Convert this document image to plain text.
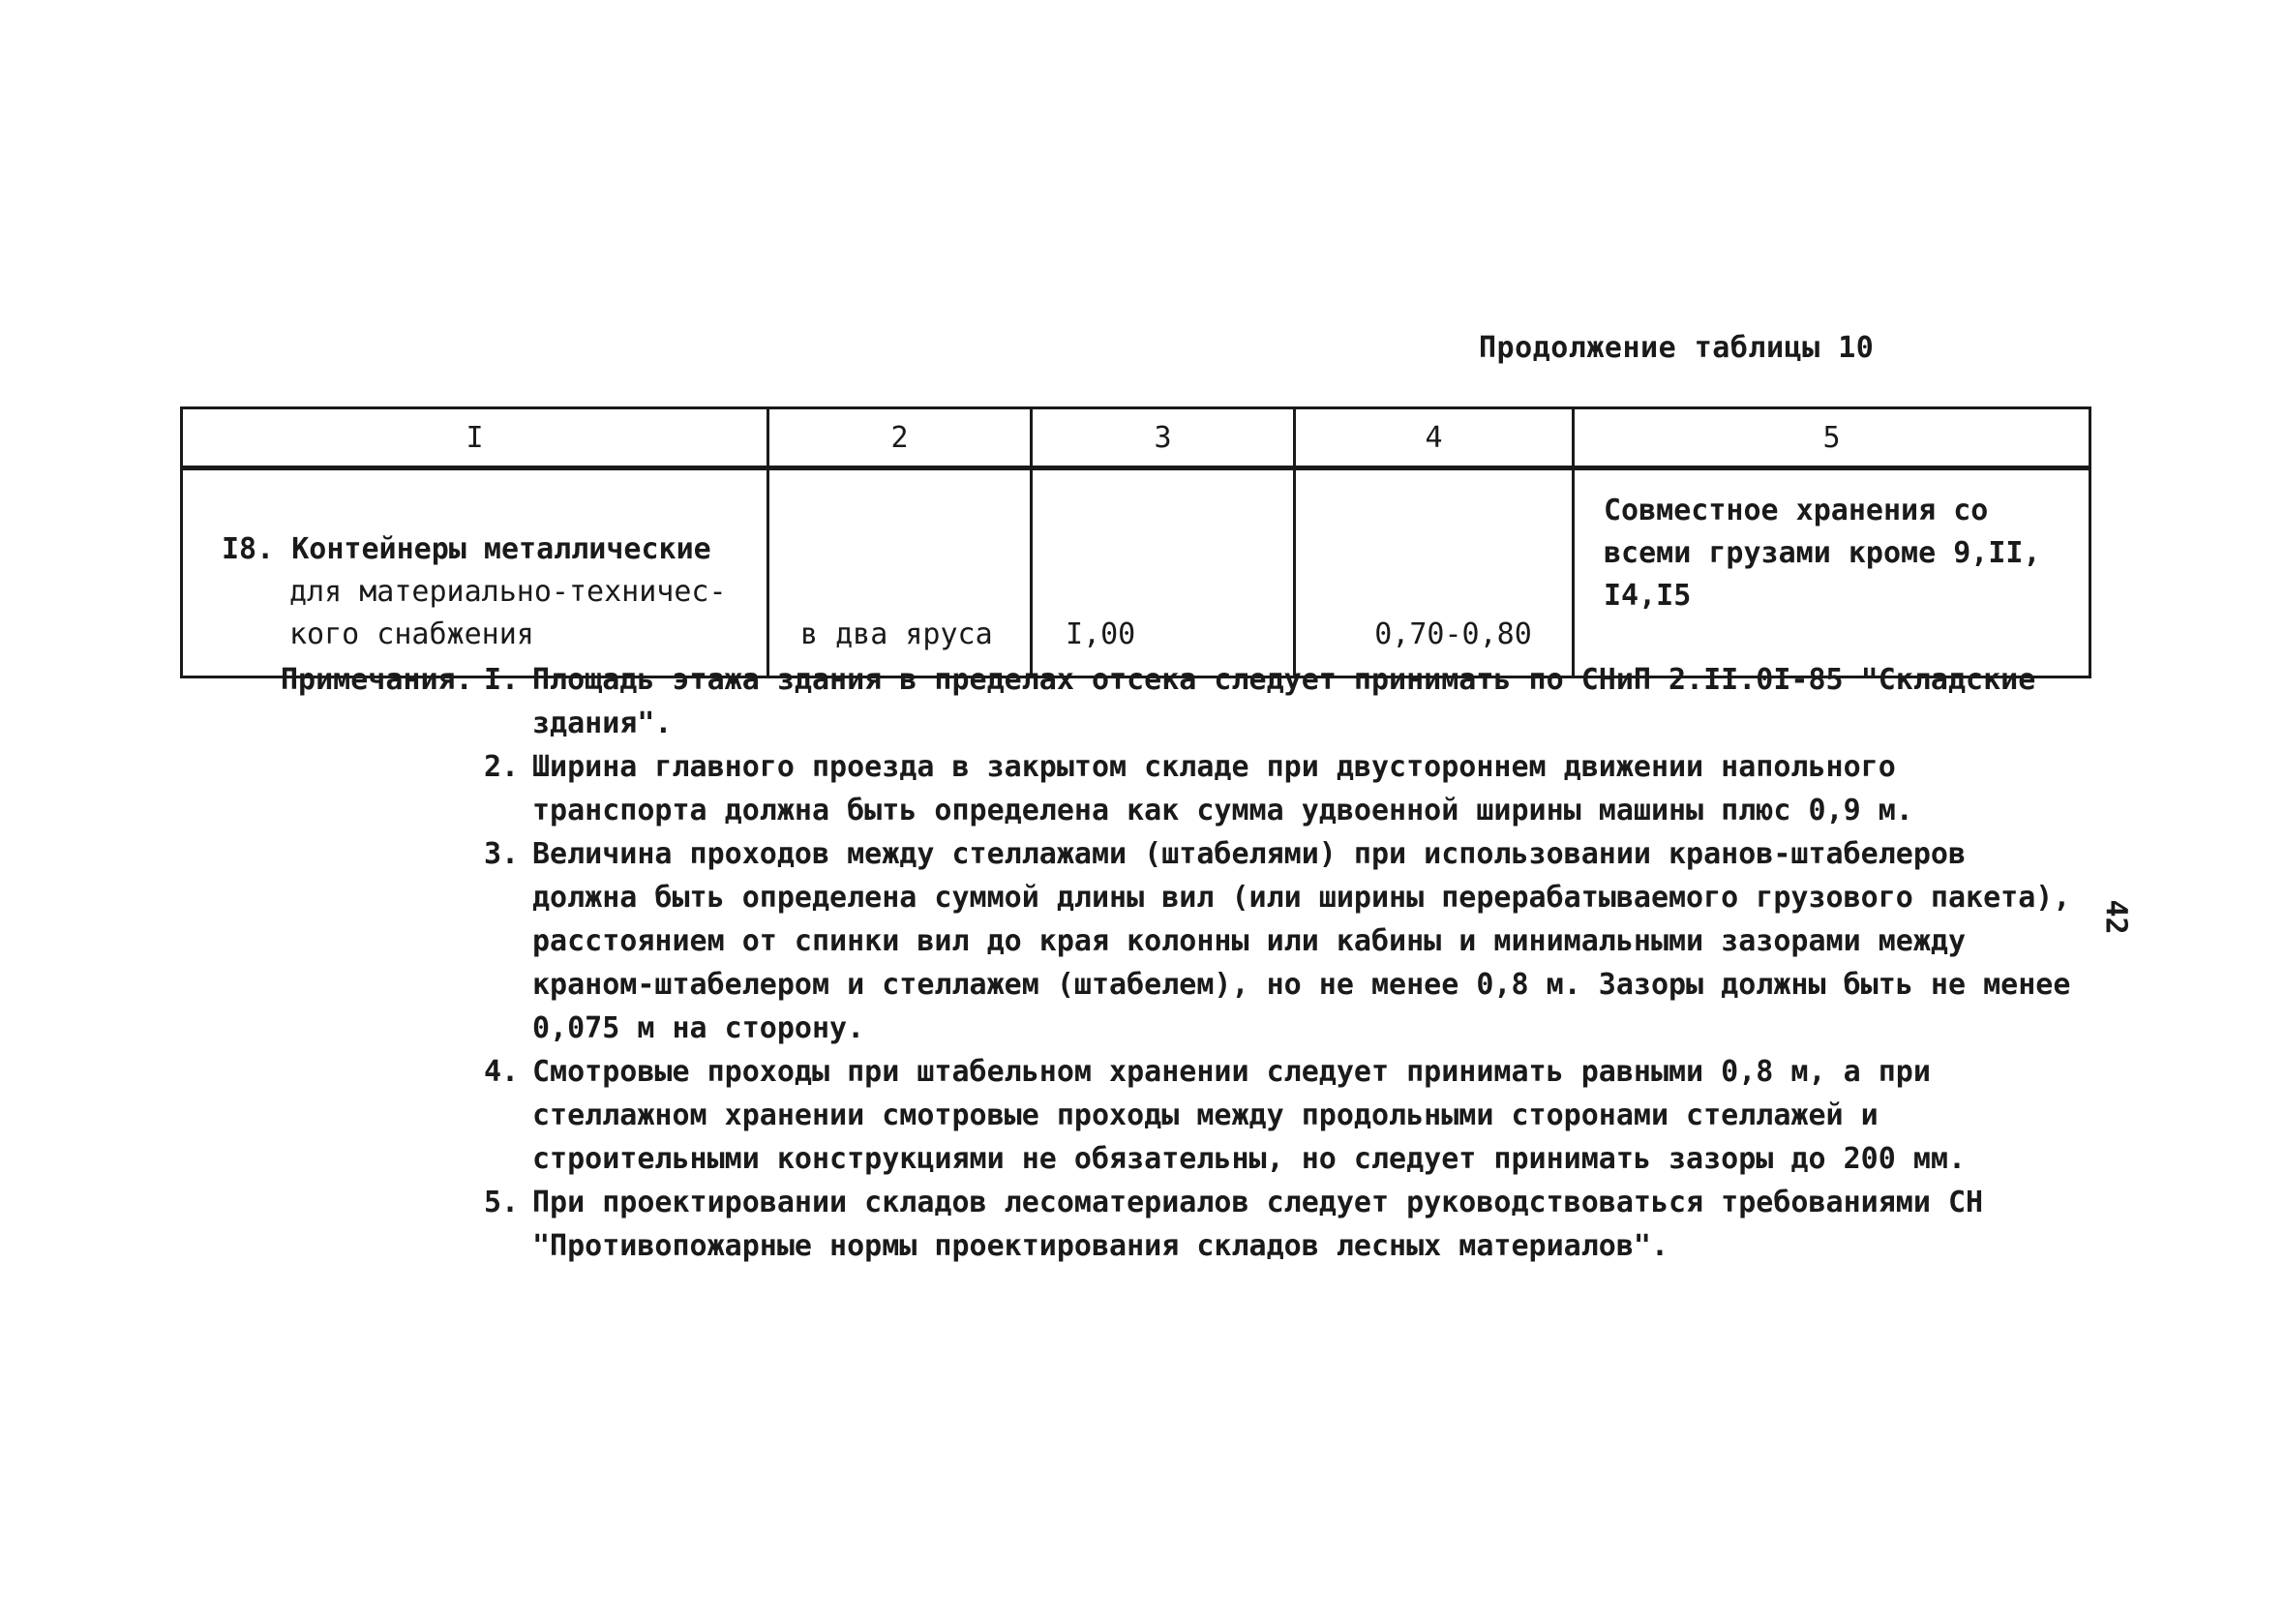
Продолжение таблицы 10
I	2	3	4	5

I8. Контейнеры металлические
для материально-техничес-
кого снабжения	в два яруса	I,00	0,70-0,80	Совместное хранения со
всеми грузами кроме 9,II,
I4,I5
Примечания. I. Площадь этажа здания в пределах отсека следует принимать по СНиП 2.II.0I-85 "Складские здания".
2. Ширина главного проезда в закрытом складе при двустороннем движении напольного транспорта должна быть определена как сумма удвоенной ширины машины плюс 0,9 м.
3. Величина проходов между стеллажами (штабелями) при использовании кранов-штабелеров должна быть определена суммой длины вил (или ширины перерабатываемого грузового пакета), расстоянием от спинки вил до края колонны или кабины и минимальными зазорами между краном-штабелером и стеллажем (штабелем), но не менее 0,8 м. Зазоры должны быть не менее 0,075 м на сторону.
4. Смотровые проходы при штабельном хранении следует принимать равными 0,8 м, а при стеллажном хранении смотровые проходы между продольными сторонами стеллажей и строительными конструкциями не обязательны, но следует принимать зазоры до 200 мм.
5. При проектировании складов лесоматериалов следует руководствоваться требованиями СН "Противопожарные нормы проектирования складов лесных материалов".
42
